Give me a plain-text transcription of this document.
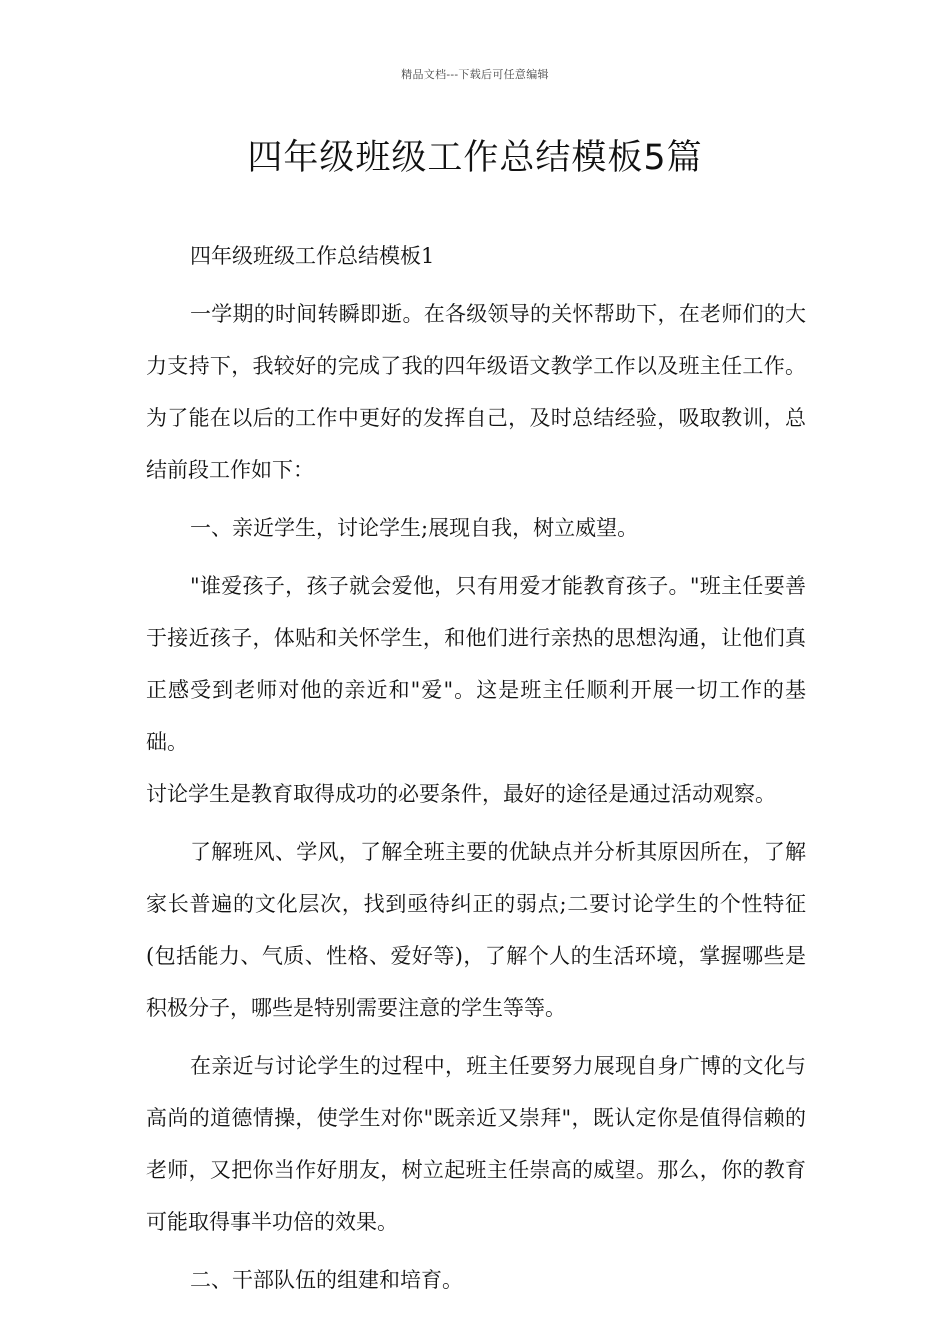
精品文档---下载后可任意编辑
四年级班级工作总结模板5篇

四年级班级工作总结模板1

一学期的时间转瞬即逝。在各级领导的关怀帮助下，在老师们的大力支持下，我较好的完成了我的四年级语文教学工作以及班主任工作。为了能在以后的工作中更好的发挥自己，及时总结经验，吸取教训，总结前段工作如下：

一、亲近学生，讨论学生;展现自我，树立威望。

"谁爱孩子，孩子就会爱他，只有用爱才能教育孩子。"班主任要善于接近孩子，体贴和关怀学生，和他们进行亲热的思想沟通，让他们真正感受到老师对他的亲近和"爱"。这是班主任顺利开展一切工作的基础。

讨论学生是教育取得成功的必要条件，最好的途径是通过活动观察。

了解班风、学风，了解全班主要的优缺点并分析其原因所在，了解家长普遍的文化层次，找到亟待纠正的弱点;二要讨论学生的个性特征(包括能力、气质、性格、爱好等)，了解个人的生活环境，掌握哪些是积极分子，哪些是特别需要注意的学生等等。

在亲近与讨论学生的过程中，班主任要努力展现自身广博的文化与高尚的道德情操，使学生对你"既亲近又崇拜"，既认定你是值得信赖的老师，又把你当作好朋友，树立起班主任崇高的威望。那么，你的教育可能取得事半功倍的效果。

二、干部队伍的组建和培育。
